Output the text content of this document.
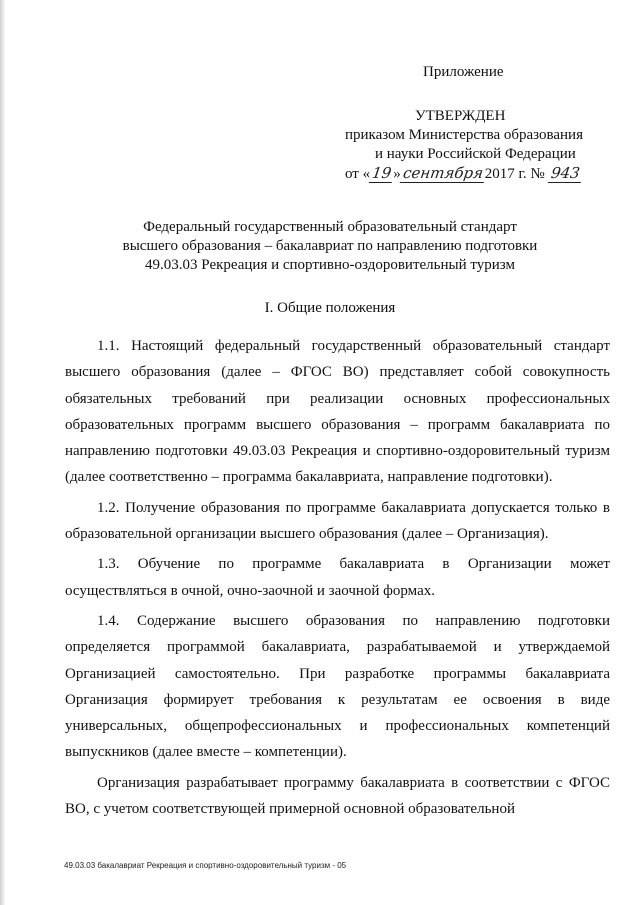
Приложение
УТВЕРЖДЕН
приказом Министерства образования
и науки Российской Федерации
от «19»сентября2017 г. № 943
Федеральный государственный образовательный стандарт
высшего образования – бакалавриат по направлению подготовки
49.03.03 Рекреация и спортивно-оздоровительный туризм
I. Общие положения

1.1. Настоящий федеральный государственный образовательный стандарт высшего образования (далее – ФГОС ВО) представляет собой совокупность обязательных требований при реализации основных профессиональных образовательных программ высшего образования – программ бакалавриата по направлению подготовки 49.03.03 Рекреация и спортивно-оздоровительный туризм (далее соответственно – программа бакалавриата, направление подготовки).

1.2. Получение образования по программе бакалавриата допускается только в образовательной организации высшего образования (далее – Организация).

1.3. Обучение по программе бакалавриата в Организации может осуществляться в очной, очно-заочной и заочной формах.

1.4. Содержание высшего образования по направлению подготовки определяется программой бакалавриата, разрабатываемой и утверждаемой Организацией самостоятельно. При разработке программы бакалавриата Организация формирует требования к результатам ее освоения в виде универсальных, общепрофессиональных и профессиональных компетенций выпускников (далее вместе – компетенции).

Организация разрабатывает программу бакалавриата в соответствии с ФГОС ВО, с учетом соответствующей примерной основной образовательной

49.03.03 бакалавриат Рекреация и спортивно-оздоровительный туризм - 05
